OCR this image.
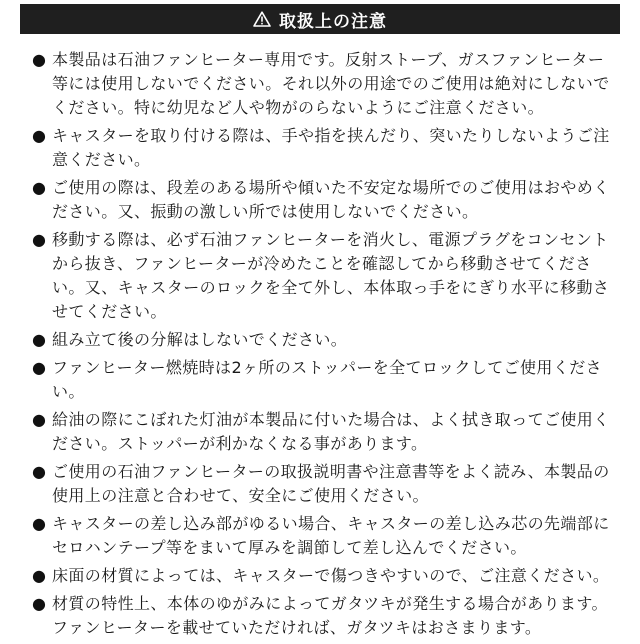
取扱上の注意
● 本製品は石油ファンヒーター専用です。反射ストーブ、ガスファンヒーター等には使用しないでください。それ以外の用途でのご使用は絶対にしないでください。特に幼児など人や物がのらないようにご注意ください。
● キャスターを取り付ける際は、手や指を挟んだり、突いたりしないようご注意ください。
● ご使用の際は、段差のある場所や傾いた不安定な場所でのご使用はおやめください。又、振動の激しい所では使用しないでください。
● 移動する際は、必ず石油ファンヒーターを消火し、電源プラグをコンセントから抜き、ファンヒーターが冷めたことを確認してから移動させてください。又、キャスターのロックを全て外し、本体取っ手をにぎり水平に移動させてください。
● 組み立て後の分解はしないでください。
● ファンヒーター燃焼時は2ヶ所のストッパーを全てロックしてご使用ください。
● 給油の際にこぼれた灯油が本製品に付いた場合は、よく拭き取ってご使用ください。ストッパーが利かなくなる事があります。
● ご使用の石油ファンヒーターの取扱説明書や注意書等をよく読み、本製品の使用上の注意と合わせて、安全にご使用ください。
● キャスターの差し込み部がゆるい場合、キャスターの差し込み芯の先端部にセロハンテープ等をまいて厚みを調節して差し込んでください。
● 床面の材質によっては、キャスターで傷つきやすいので、ご注意ください。
● 材質の特性上、本体のゆがみによってガタツキが発生する場合があります。ファンヒーターを載せていただければ、ガタツキはおさまります。
